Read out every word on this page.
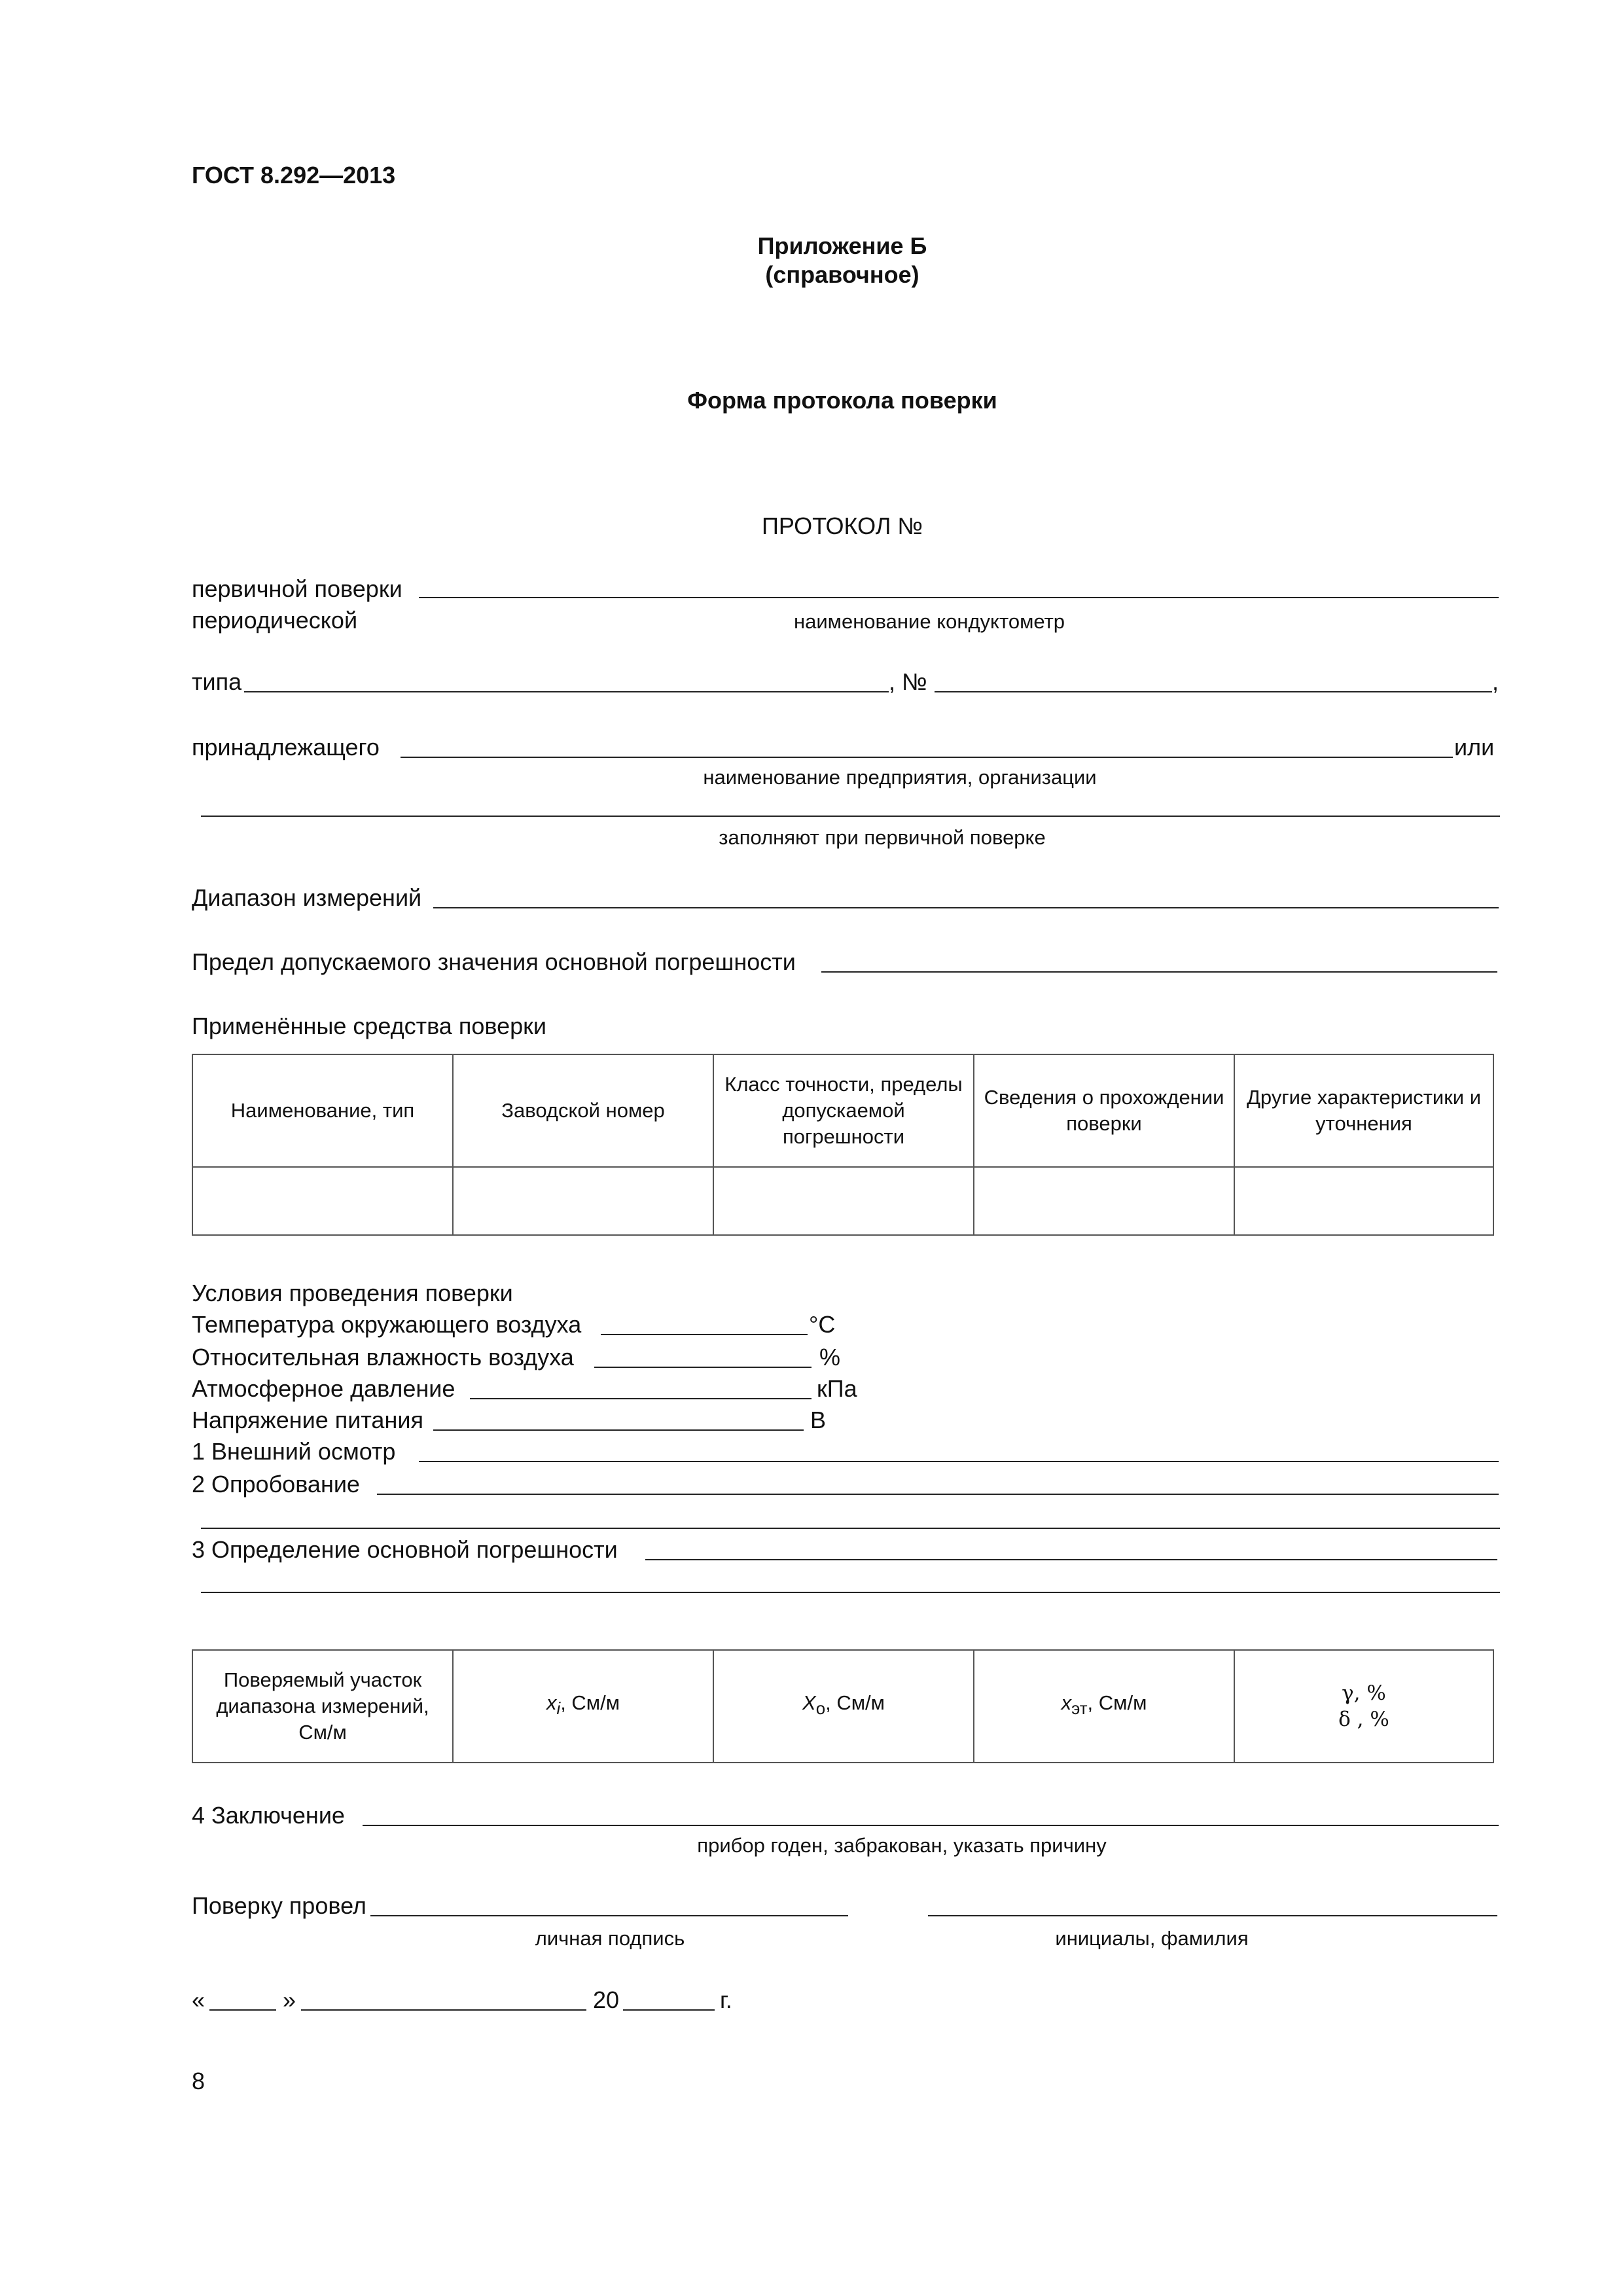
ГОСТ 8.292—2013
Приложение Б
(справочное)
Форма протокола поверки
ПРОТОКОЛ №
первичной поверки
периодической	наименование кондуктометр
типа	, №	,
принадлежащего	или
наименование предприятия, организации
заполняют при первичной поверке
Диапазон измерений
Предел допускаемого значения основной погрешности
Применённые средства поверки
Наименование, тип	Заводской номер	Класс точности, пределы допускаемой погрешности	Сведения о прохождении поверки	Другие характеристики и уточнения

Условия проведения поверки
Температура окружающего воздуха	°С
Относительная влажность воздуха	%
Атмосферное давление	кПа
Напряжение питания	В
1 Внешний осмотр
2 Опробование
3 Определение основной погрешности
Поверяемый участок диапазона измерений, См/м	$x_i$, См/м	$X_о$, См/м	$x_{эт}$, См/м	γ, %
δ , %
4 Заключение
прибор годен, забракован, указать причину
Поверку провел
личная подпись	инициалы, фамилия
«	»	20	г.
8
